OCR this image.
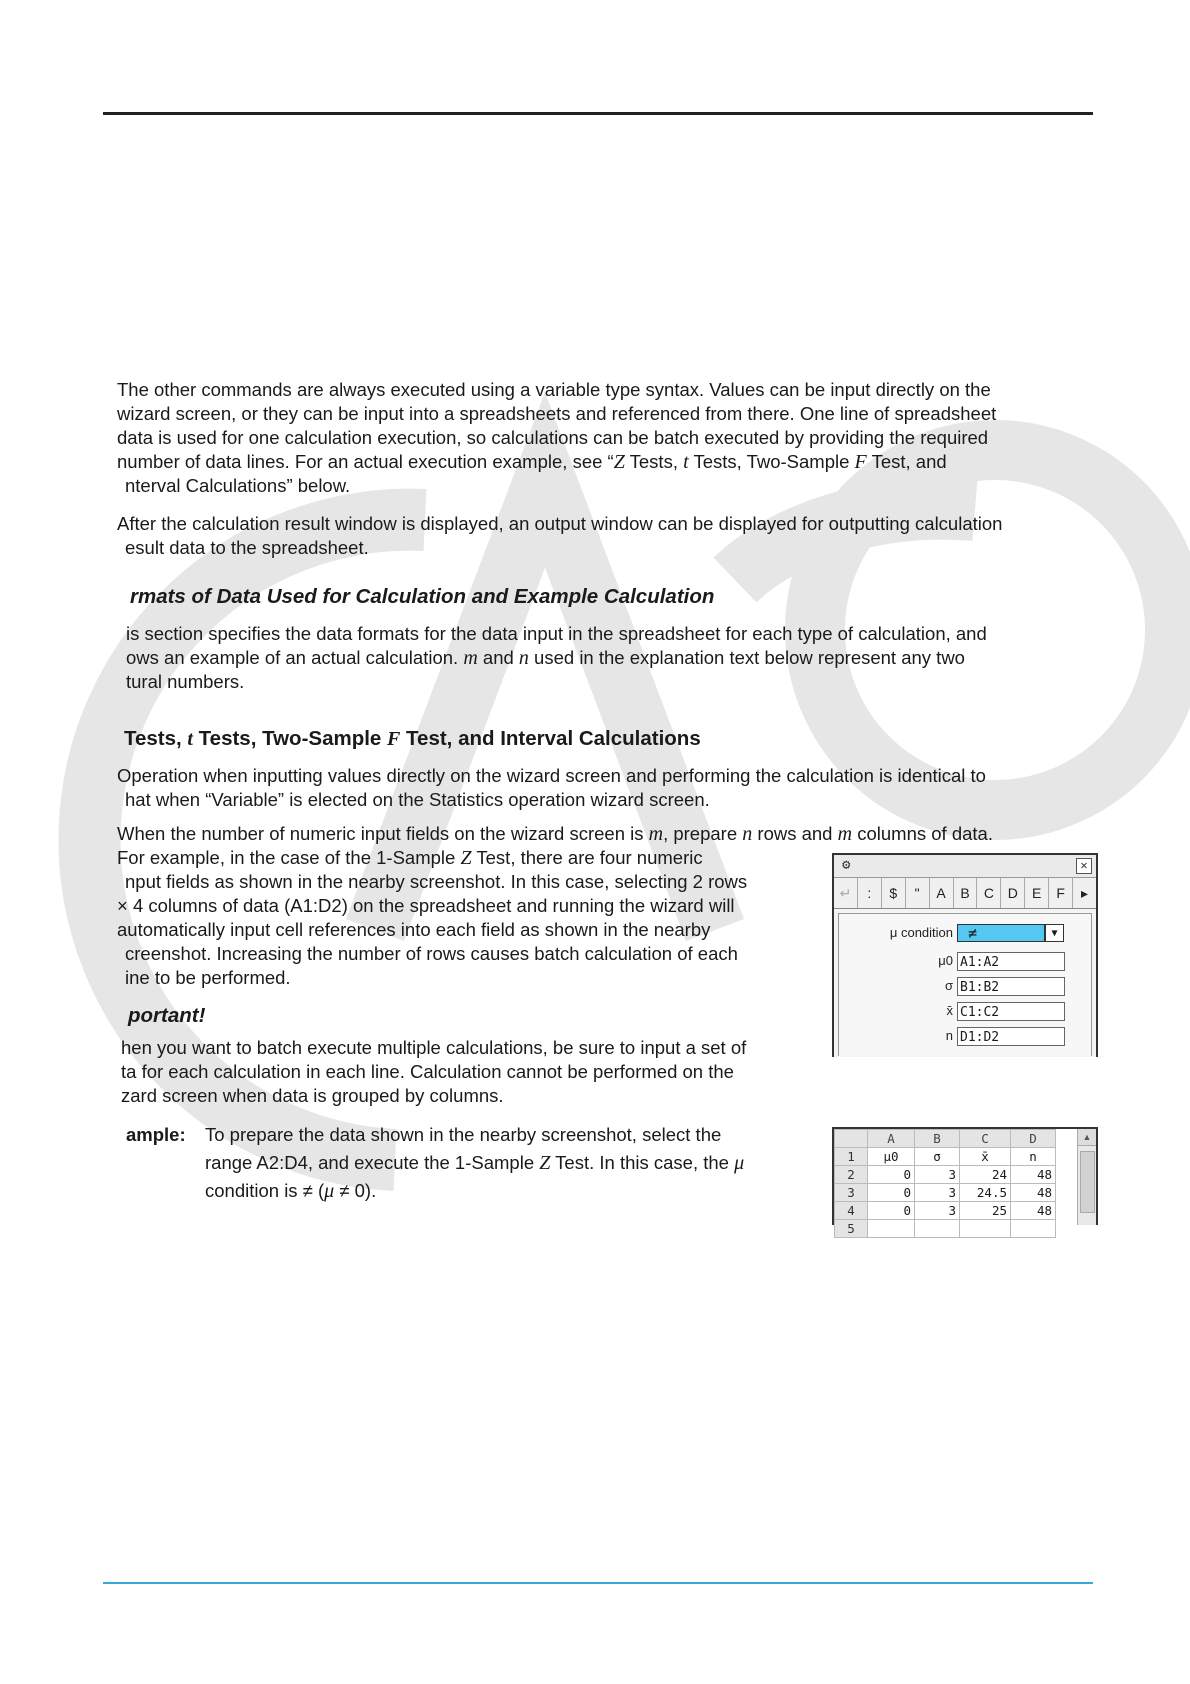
The other commands are always executed using a variable type syntax. Values can be input directly on the

wizard screen, or they can be input into a spreadsheets and referenced from there. One line of spreadsheet

data is used for one calculation execution, so calculations can be batch executed by providing the required

number of data lines. For an actual execution example, see “Z Tests, t Tests, Two-Sample F Test, and

nterval Calculations” below.

After the calculation result window is displayed, an output window can be displayed for outputting calculation

esult data to the spreadsheet.

rmats of Data Used for Calculation and Example Calculation

is section specifies the data formats for the data input in the spreadsheet for each type of calculation, and

ows an example of an actual calculation. m and n used in the explanation text below represent any two

tural numbers.

Tests, t Tests, Two-Sample F Test, and Interval Calculations

Operation when inputting values directly on the wizard screen and performing the calculation is identical to

hat when “Variable” is elected on the Statistics operation wizard screen.

When the number of numeric input fields on the wizard screen is m, prepare n rows and m columns of data.

For example, in the case of the 1-Sample Z Test, there are four numeric

nput fields as shown in the nearby screenshot. In this case, selecting 2 rows

× 4 columns of data (A1:D2) on the spreadsheet and running the wizard will

automatically input cell references into each field as shown in the nearby

creenshot. Increasing the number of rows causes batch calculation of each

ine to be performed.

portant!

hen you want to batch execute multiple calculations, be sure to input a set of

ta for each calculation in each line. Calculation cannot be performed on the

zard screen when data is grouped by columns.

ample: To prepare the data shown in the nearby screenshot, select the

range A2:D4, and execute the 1-Sample Z Test. In this case, the μ

condition is ≠ (μ ≠ 0).

⚙	✕
↵	:	$	"	A	B	C D	E	F	▸
μ condition	≠	▼
μ0 A1:A2
σ B1:B2
x̄ C1:C2
n D1:D2
	A	B	C	D
1	μ0	σ	x̄	n
2	0	3	24	48
3	0	3	24.5	48
4	0	3	25	48
5				
▲
